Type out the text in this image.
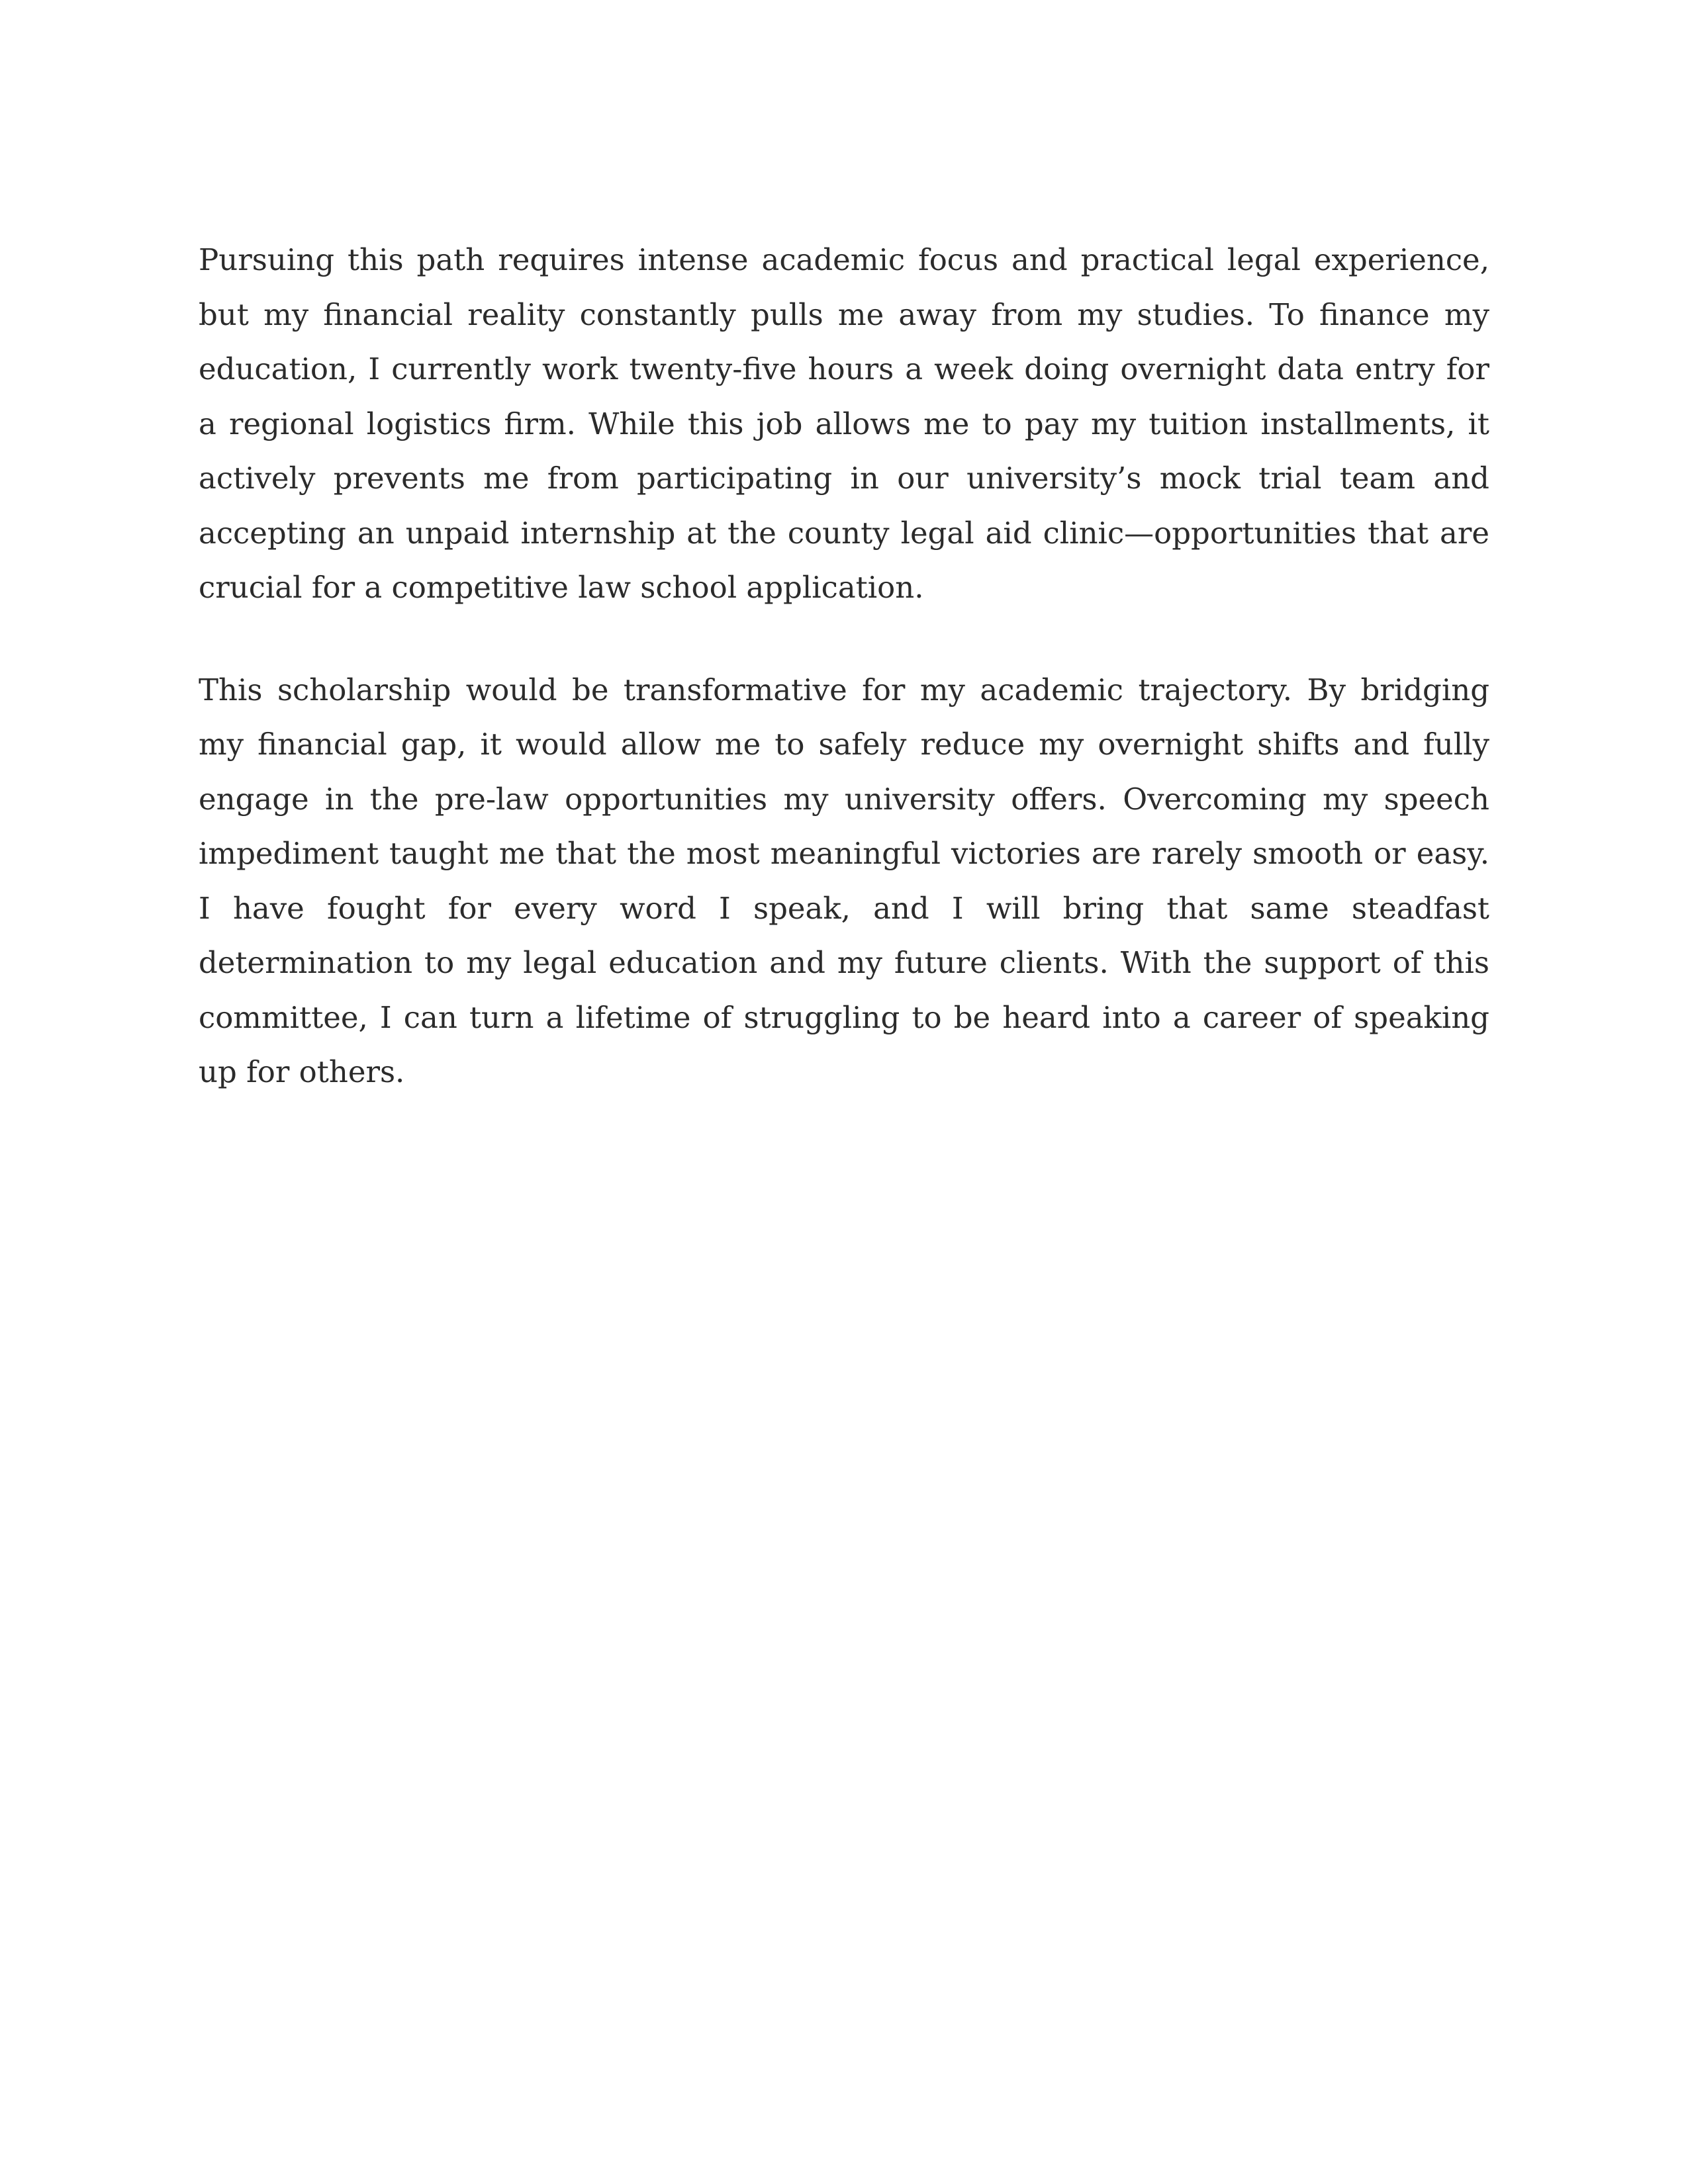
Pursuing this path requires intense academic focus and practical legal experience, but my financial reality constantly pulls me away from my studies. To finance my education, I currently work twenty-five hours a week doing overnight data entry for a regional logistics firm. While this job allows me to pay my tuition installments, it actively prevents me from participating in our university’s mock trial team and accepting an unpaid internship at the county legal aid clinic—opportunities that are crucial for a competitive law school application.

This scholarship would be transformative for my academic trajectory. By bridging my financial gap, it would allow me to safely reduce my overnight shifts and fully engage in the pre-law opportunities my university offers. Overcoming my speech impediment taught me that the most meaningful victories are rarely smooth or easy. I have fought for every word I speak, and I will bring that same steadfast determination to my legal education and my future clients. With the support of this committee, I can turn a lifetime of struggling to be heard into a career of speaking up for others.
